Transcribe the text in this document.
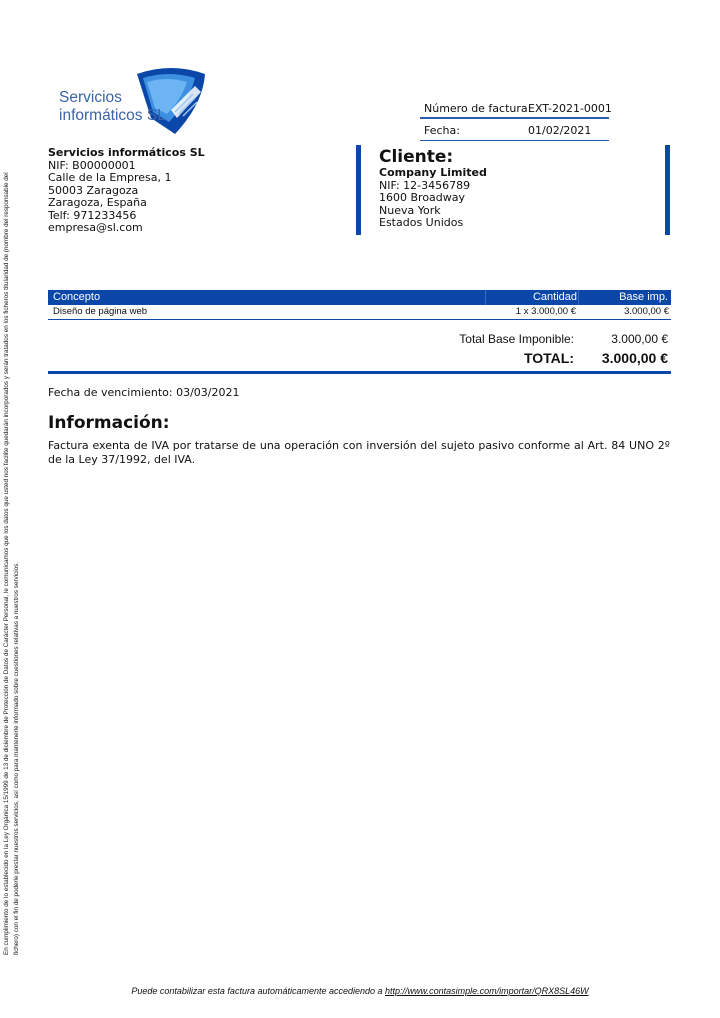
En cumplimiento de lo establecido en la Ley Orgánica 15/1999 de 13 de diciembre de Protección de Datos de Carácter Personal, le comunicamos que los datos que usted nos facilite quedarán incorporados y serán tratados en los ficheros titularidad de (nombre del responsable del fichero) con el fin de poderle prestar nuestros servicios, así como para mantenerle informado sobre cuestiones relativas a nuestros servicios.
Servicios
informáticos SL	Número de factura:
EXT-2021-0001
Fecha:	01/02/2021
Servicios informáticos SL
NIF: B00000001
Calle de la Empresa, 1
50003 Zaragoza
Zaragoza, España
Telf: 971233456
empresa@sl.com
Cliente:
Company Limited
NIF: 12-3456789
1600 Broadway
Nueva York
Estados Unidos
Concepto	Cantidad	Base imp.
Diseño de página web	1 x 3.000,00 €	3.000,00 €
Total Base Imponible:	3.000,00 €
TOTAL: 3.000,00 €
Fecha de vencimiento: 03/03/2021
Información:
Factura exenta de IVA por tratarse de una operación con inversión del sujeto pasivo conforme al Art. 84 UNO 2º de la Ley 37/1992, del IVA.
Puede contabilizar esta factura automáticamente accediendo a http://www.contasimple.com/importar/QRX8SL46W
